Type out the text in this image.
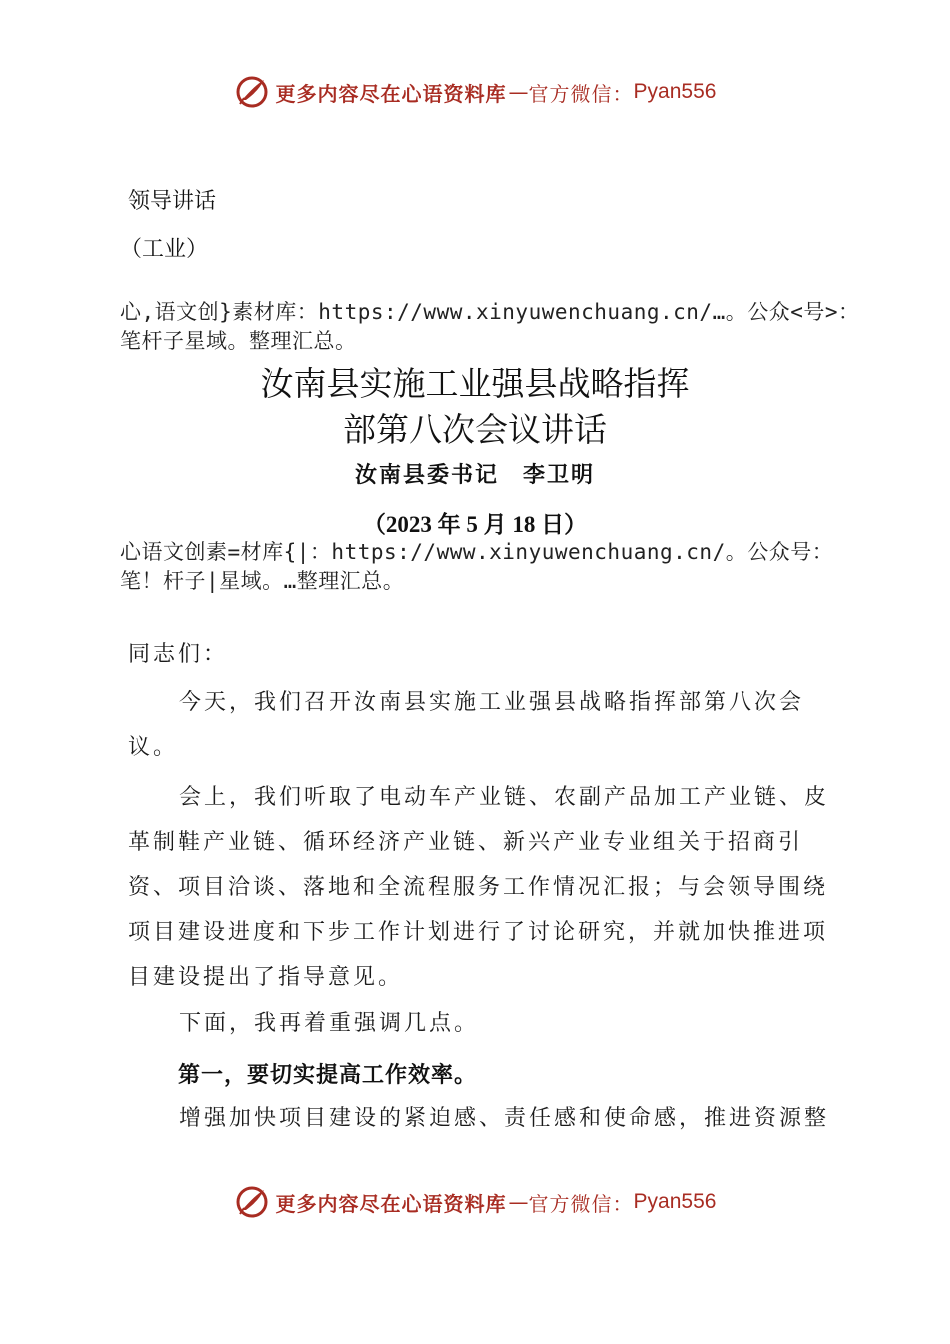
更多内容尽在心语资料库 — 官方微信： Pyan556
领导讲话
（工业）
心,语文创}素材库：https://www.xinyuwenchuang.cn/…。公众<号>：笔杆子星域。整理汇总。
汝南县实施工业强县战略指挥
部第八次会议讲话
汝南县委书记　李卫明
（2023 年 5 月 18 日）
心语文创素=材库{|：https://www.xinyuwenchuang.cn/。公众号：笔！杆子|星域。…整理汇总。
同志们：
今天，我们召开汝南县实施工业强县战略指挥部第八次会议。
会上，我们听取了电动车产业链、农副产品加工产业链、皮革制鞋产业链、循环经济产业链、新兴产业专业组关于招商引资、项目洽谈、落地和全流程服务工作情况汇报；与会领导围绕项目建设进度和下步工作计划进行了讨论研究，并就加快推进项目建设提出了指导意见。
下面，我再着重强调几点。
第一，要切实提高工作效率。
增强加快项目建设的紧迫感、责任感和使命感，推进资源整
更多内容尽在心语资料库 — 官方微信： Pyan556
